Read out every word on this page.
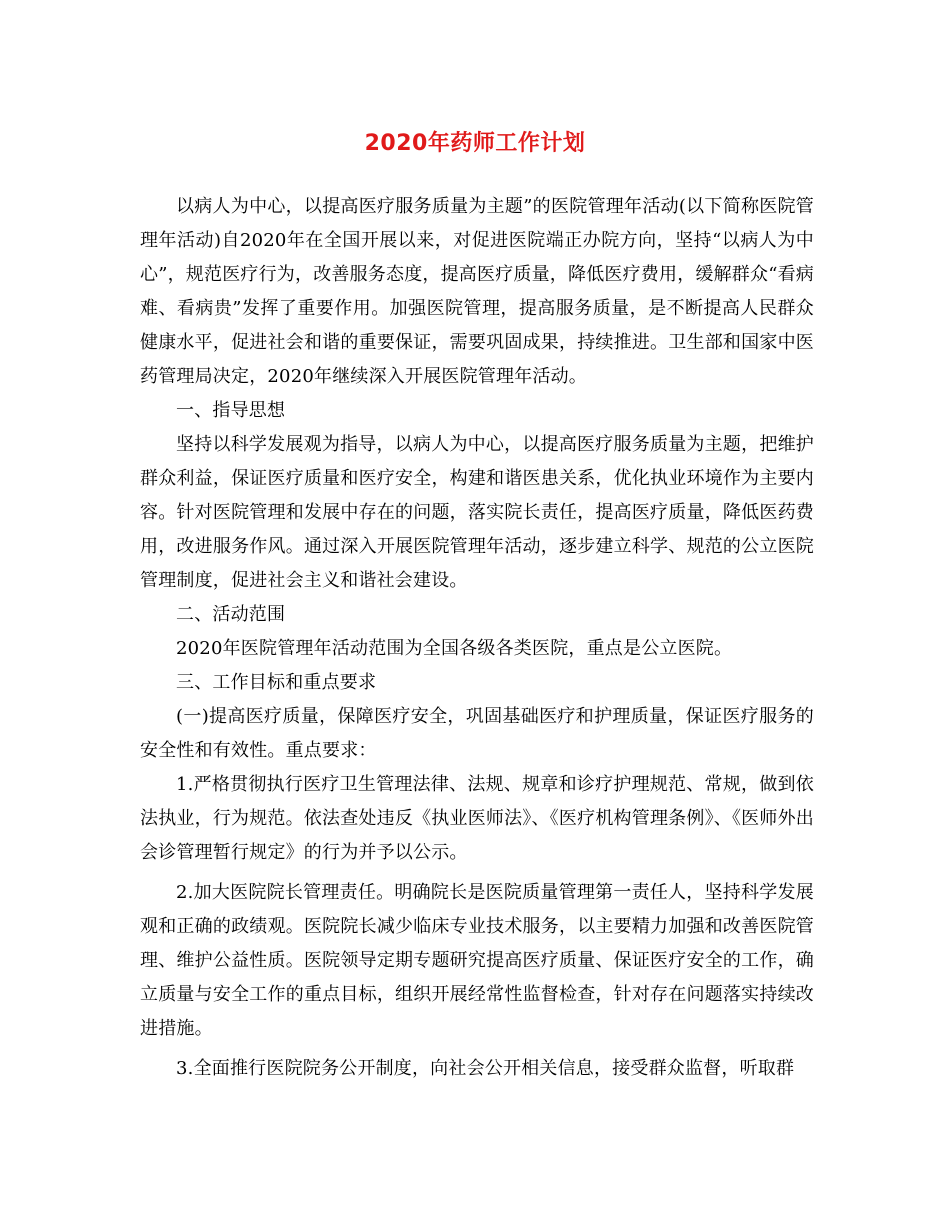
2020年药师工作计划

以病人为中心，以提高医疗服务质量为主题”的医院管理年活动(以下简称医院管理年活动)自2020年在全国开展以来，对促进医院端正办院方向，坚持“以病人为中心”，规范医疗行为，改善服务态度，提高医疗质量，降低医疗费用，缓解群众“看病难、看病贵”发挥了重要作用。加强医院管理，提高服务质量，是不断提高人民群众健康水平，促进社会和谐的重要保证，需要巩固成果，持续推进。卫生部和国家中医药管理局决定，2020年继续深入开展医院管理年活动。

一、指导思想

坚持以科学发展观为指导，以病人为中心，以提高医疗服务质量为主题，把维护群众利益，保证医疗质量和医疗安全，构建和谐医患关系，优化执业环境作为主要内容。针对医院管理和发展中存在的问题，落实院长责任，提高医疗质量，降低医药费用，改进服务作风。通过深入开展医院管理年活动，逐步建立科学、规范的公立医院管理制度，促进社会主义和谐社会建设。

二、活动范围

2020年医院管理年活动范围为全国各级各类医院，重点是公立医院。

三、工作目标和重点要求

(一)提高医疗质量，保障医疗安全，巩固基础医疗和护理质量，保证医疗服务的安全性和有效性。重点要求：

1.严格贯彻执行医疗卫生管理法律、法规、规章和诊疗护理规范、常规，做到依法执业，行为规范。依法查处违反《执业医师法》、《医疗机构管理条例》、《医师外出会诊管理暂行规定》的行为并予以公示。

2.加大医院院长管理责任。明确院长是医院质量管理第一责任人，坚持科学发展观和正确的政绩观。医院院长减少临床专业技术服务，以主要精力加强和改善医院管理、维护公益性质。医院领导定期专题研究提高医疗质量、保证医疗安全的工作，确立质量与安全工作的重点目标，组织开展经常性监督检查，针对存在问题落实持续改进措施。

3.全面推行医院院务公开制度，向社会公开相关信息，接受群众监督，听取群
